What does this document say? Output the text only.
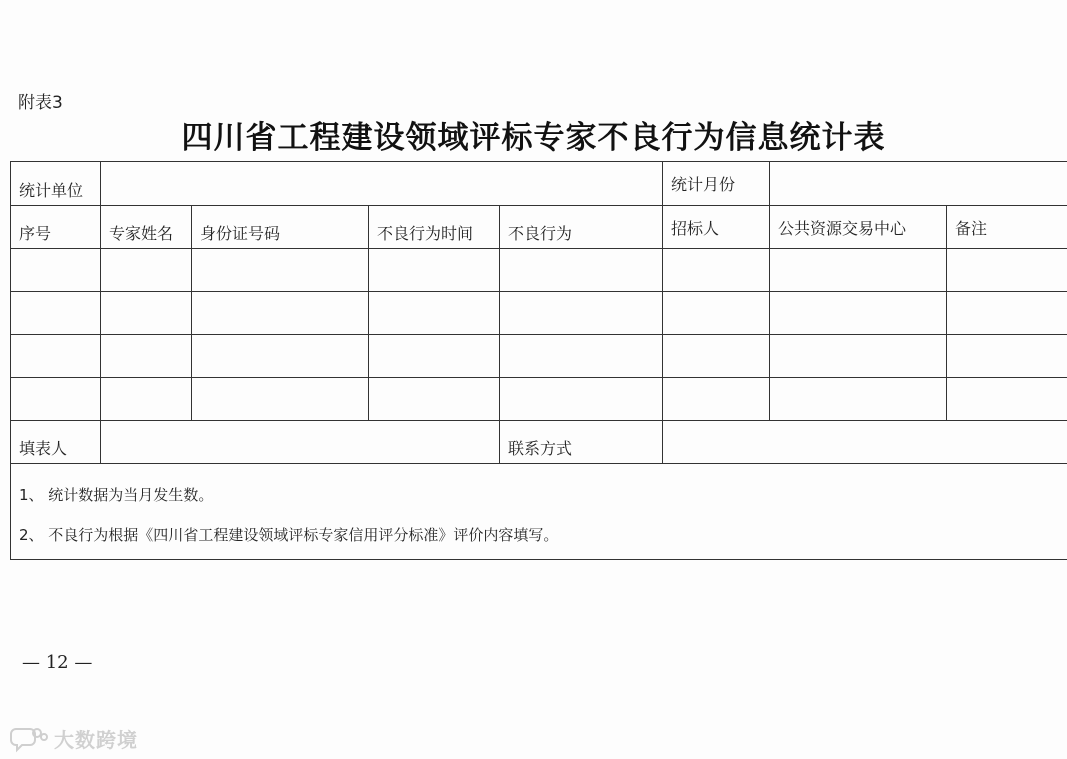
附表3
四川省工程建设领域评标专家不良行为信息统计表
统计单位					统计月份		
序号	专家姓名	身份证号码	不良行为时间	不良行为	招标人	公共资源交易中心	备注

填表人				联系方式			
1、 统计数据为当月发生数。
2、 不良行为根据《四川省工程建设领域评标专家信用评分标准》评价内容填写。
— 12 —
大数跨境
